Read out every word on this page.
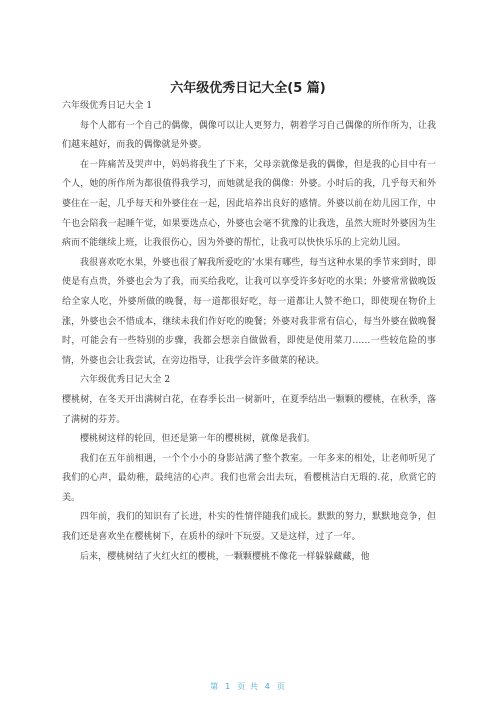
六年级优秀日记大全(5 篇)

六年级优秀日记大全 1

每个人都有一个自己的偶像，偶像可以让人更努力，朝着学习自己偶像的所作所为，让我们越来越好，而我的偶像就是外婆。

在一阵痛苦及哭声中，妈妈将我生了下来，父母亲就像是我的偶像，但是我的心目中有一个人，她的所作所为都很值得我学习，而她就是我的偶像：外婆。小时后的我，几乎每天和外婆住在一起，几乎每天和外婆住在一起，因此培养出良好的感情。外婆以前在幼儿园工作，中午也会陪我一起睡午觉，如果要选点心，外婆也会毫不犹豫的让我选，虽然大班时外婆因为生病而不能继续上班，让我很伤心，因为外婆的帮忙，让我可以快快乐乐的上完幼儿园。

我很喜欢吃水果，外婆也很了解我所爱吃的’水果有哪些，每当这种水果的季节来到时，即使是有点贵，外婆也会为了我，而买给我吃，让我可以享受许多好吃的水果；外婆常常做晚饭给全家人吃，外婆所做的晚餐，每一道都很好吃，每一道都让人赞不绝口，即使现在物价上涨，外婆也会不惜成本，继续未我们作好吃的晚餐；外婆对我非常有信心，每当外婆在做晚餐时，可能会有一些特别的步骤，我都会想亲自做做看，即使是使用菜刀……一些较危险的事情，外婆也会让我尝试，在旁边指导，让我学会许多做菜的秘诀。

六年级优秀日记大全 2

樱桃树，在冬天开出满树白花，在春季长出一树新叶，在夏季结出一颗颗的樱桃，在秋季，落了满树的芬芳。

樱桃树这样的轮回，但还是第一年的樱桃树，就像是我们。

我们在五年前相遇，一个个小小的身影站满了整个教室。一年多来的相处，让老师听见了我们的心声，最幼稚，最纯洁的心声。我们也常会出去玩，看樱桃洁白无瑕的.花，欣赏它的美。

四年前，我们的知识有了长进，朴实的性情伴随我们成长。默默的努力，默默地竞争，但我们还是喜欢坐在樱桃树下，在质朴的绿叶下玩耍。又是这样，过了一年。

后来，樱桃树结了火红火红的樱桃，一颗颗樱桃不像花一样躲躲藏藏，他

第 1 页 共 4 页
